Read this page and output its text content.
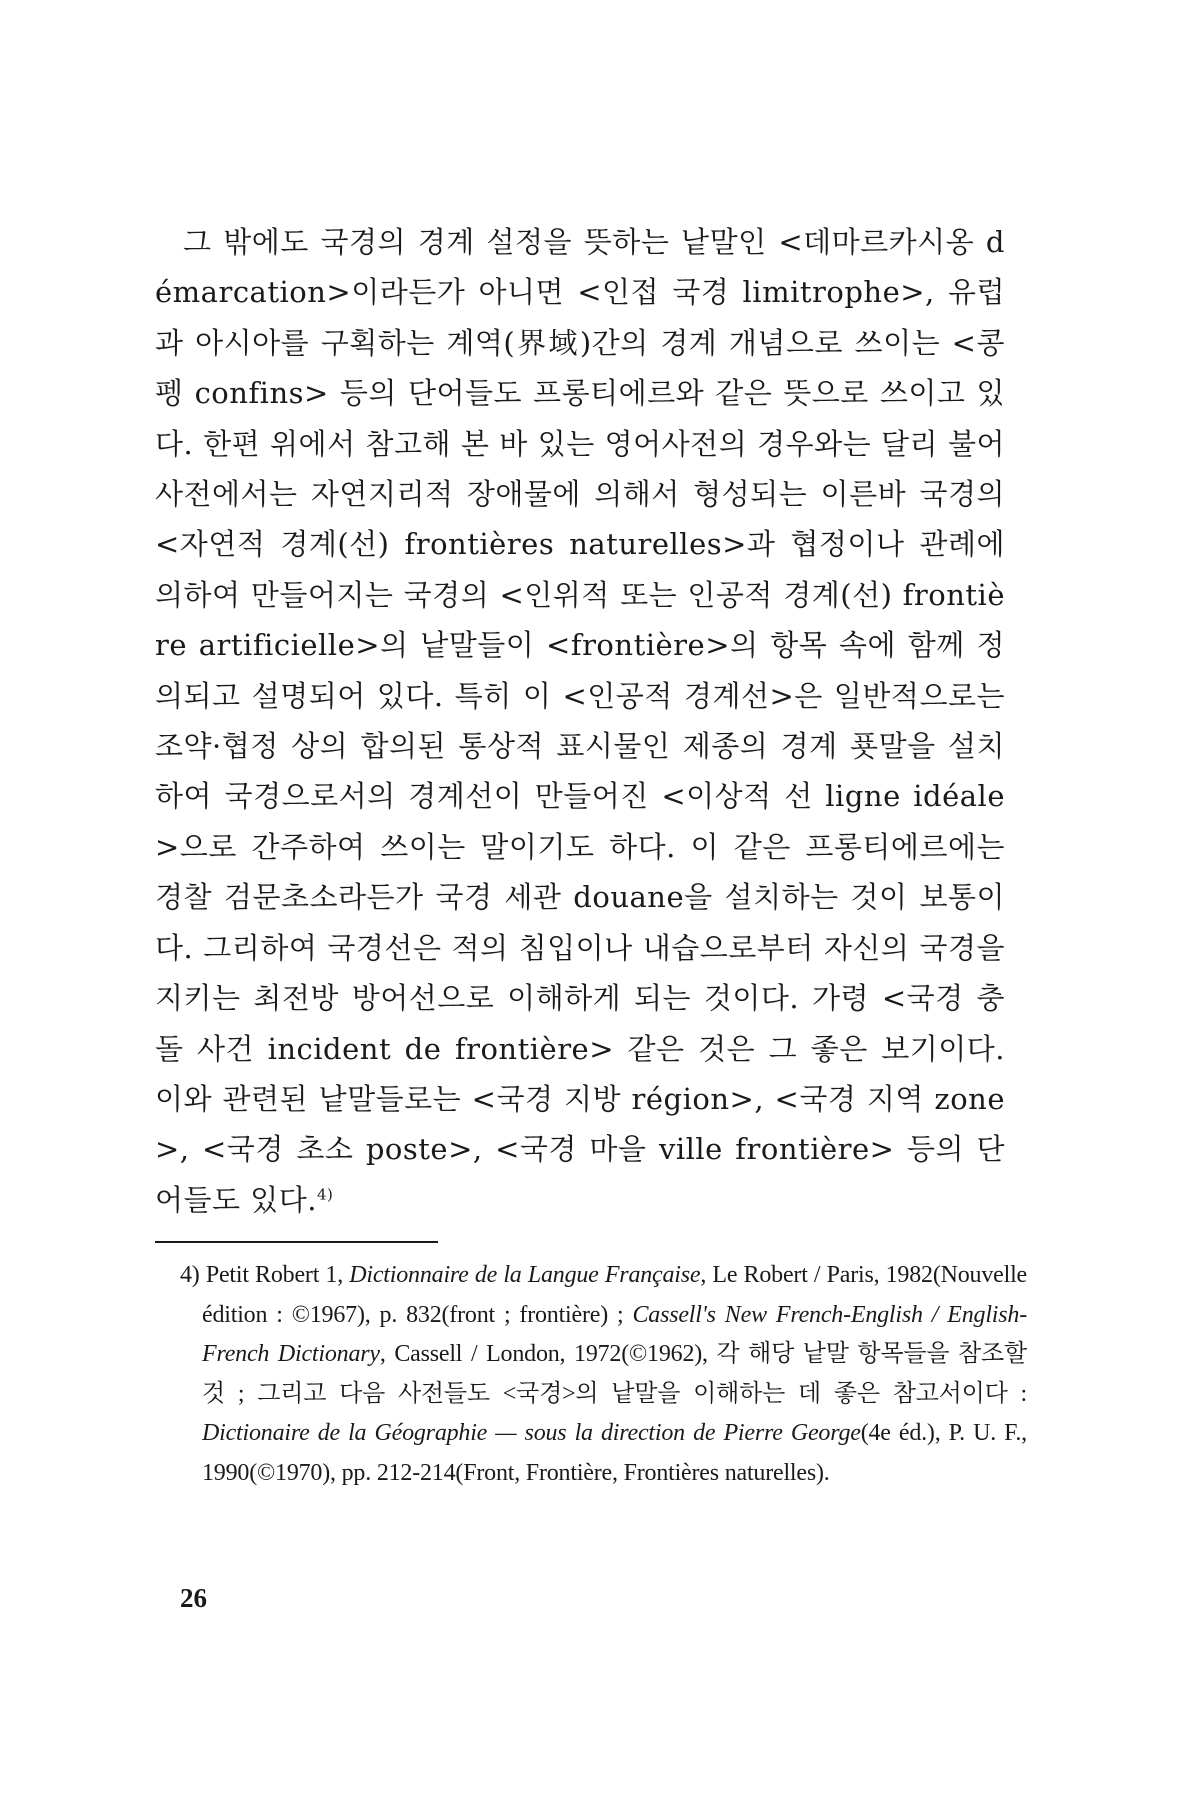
그 밖에도 국경의 경계 설정을 뜻하는 낱말인 <데마르카시옹 démarcation>이라든가 아니면 <인접 국경 limitrophe>, 유럽과 아시아를 구획하는 계역(界域)간의 경계 개념으로 쓰이는 <콩펭 confins> 등의 단어들도 프롱티에르와 같은 뜻으로 쓰이고 있다. 한편 위에서 참고해 본 바 있는 영어사전의 경우와는 달리 불어사전에서는 자연지리적 장애물에 의해서 형성되는 이른바 국경의 <자연적 경계(선) frontières naturelles>과 협정이나 관례에 의하여 만들어지는 국경의 <인위적 또는 인공적 경계(선) frontière artificielle>의 낱말들이 <frontière>의 항목 속에 함께 정의되고 설명되어 있다. 특히 이 <인공적 경계선>은 일반적으로는 조약·협정 상의 합의된 통상적 표시물인 제종의 경계 푯말을 설치하여 국경으로서의 경계선이 만들어진 <이상적 선 ligne idéale>으로 간주하여 쓰이는 말이기도 하다. 이 같은 프롱티에르에는 경찰 검문초소라든가 국경 세관 douane을 설치하는 것이 보통이다. 그리하여 국경선은 적의 침입이나 내습으로부터 자신의 국경을 지키는 최전방 방어선으로 이해하게 되는 것이다. 가령 <국경 충돌 사건 incident de frontière> 같은 것은 그 좋은 보기이다. 이와 관련된 낱말들로는 <국경 지방 région>, <국경 지역 zone>, <국경 초소 poste>, <국경 마을 ville frontière> 등의 단어들도 있다.$^{4)}$

4) Petit Robert 1, Dictionnaire de la Langue Française, Le Robert / Paris, 1982(Nouvelle édition : ©1967), p. 832(front ; frontière) ; Cassell's New French-English / English-French Dictionary, Cassell / London, 1972(©1962), 각 해당 낱말 항목들을 참조할 것 ; 그리고 다음 사전들도 <국경>의 낱말을 이해하는 데 좋은 참고서이다 : Dictionaire de la Géographie — sous la direction de Pierre George(4e éd.), P. U. F., 1990(©1970), pp. 212-214(Front, Frontière, Frontières naturelles).

26
